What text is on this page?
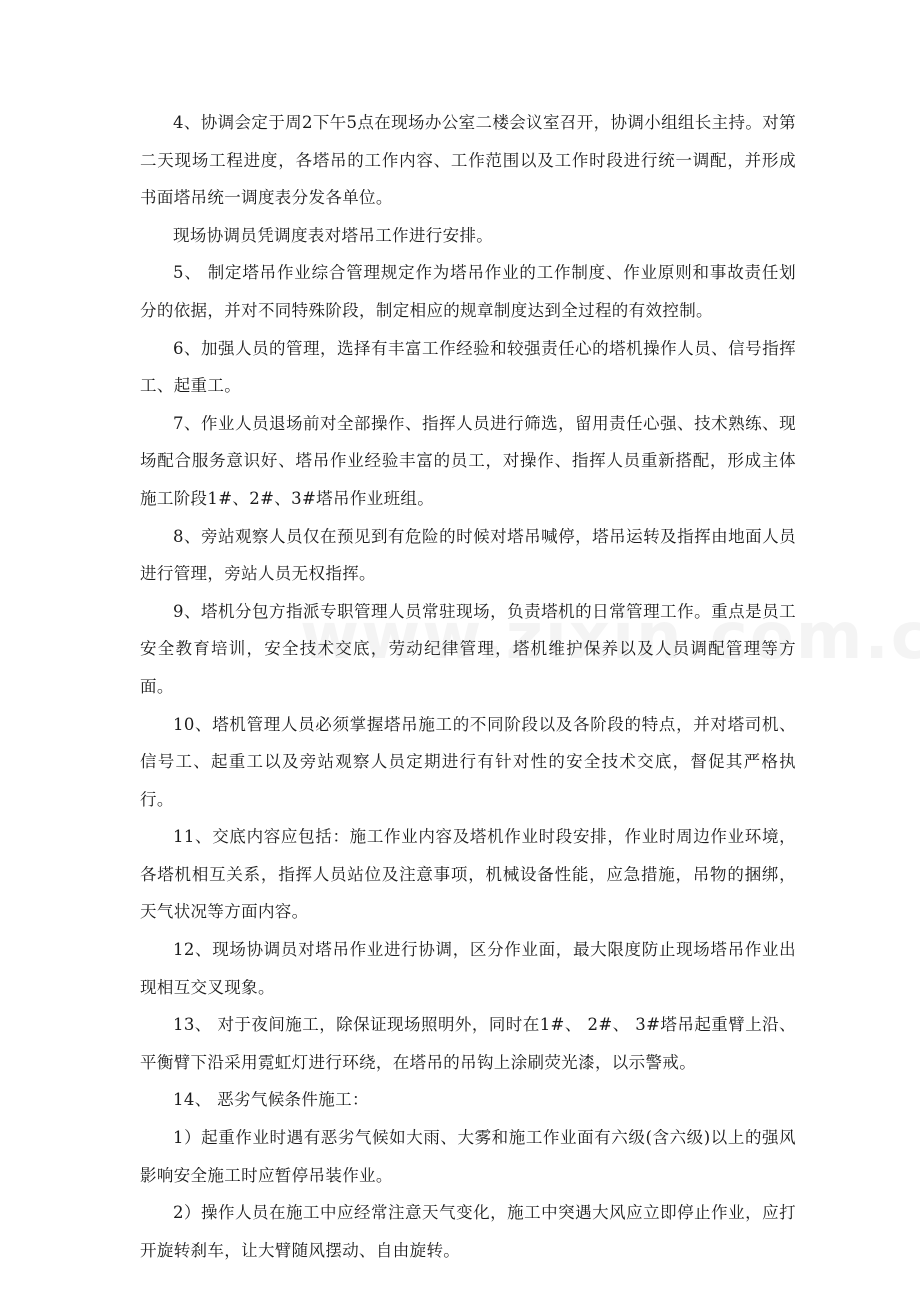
4、协调会定于周2下午5点在现场办公室二楼会议室召开，协调小组组长主持。对第二天现场工程进度，各塔吊的工作内容、工作范围以及工作时段进行统一调配，并形成书面塔吊统一调度表分发各单位。

现场协调员凭调度表对塔吊工作进行安排。

5、 制定塔吊作业综合管理规定作为塔吊作业的工作制度、作业原则和事故责任划分的依据，并对不同特殊阶段，制定相应的规章制度达到全过程的有效控制。

6、加强人员的管理，选择有丰富工作经验和较强责任心的塔机操作人员、信号指挥工、起重工。

7、作业人员退场前对全部操作、指挥人员进行筛选，留用责任心强、技术熟练、现场配合服务意识好、塔吊作业经验丰富的员工，对操作、指挥人员重新搭配，形成主体施工阶段1#、2#、3#塔吊作业班组。

8、旁站观察人员仅在预见到有危险的时候对塔吊喊停，塔吊运转及指挥由地面人员进行管理，旁站人员无权指挥。

9、塔机分包方指派专职管理人员常驻现场，负责塔机的日常管理工作。重点是员工安全教育培训，安全技术交底，劳动纪律管理，塔机维护保养以及人员调配管理等方面。

10、塔机管理人员必须掌握塔吊施工的不同阶段以及各阶段的特点，并对塔司机、信号工、起重工以及旁站观察人员定期进行有针对性的安全技术交底，督促其严格执行。

11、交底内容应包括：施工作业内容及塔机作业时段安排，作业时周边作业环境，各塔机相互关系，指挥人员站位及注意事项，机械设备性能，应急措施，吊物的捆绑，天气状况等方面内容。

12、现场协调员对塔吊作业进行协调，区分作业面，最大限度防止现场塔吊作业出现相互交叉现象。

13、 对于夜间施工，除保证现场照明外，同时在1#、 2#、 3#塔吊起重臂上沿、平衡臂下沿采用霓虹灯进行环绕，在塔吊的吊钩上涂刷荧光漆，以示警戒。

14、 恶劣气候条件施工：

1）起重作业时遇有恶劣气候如大雨、大雾和施工作业面有六级(含六级)以上的强风影响安全施工时应暂停吊装作业。

2）操作人员在施工中应经常注意天气变化，施工中突遇大风应立即停止作业，应打开旋转刹车，让大臂随风摆动、自由旋转。
